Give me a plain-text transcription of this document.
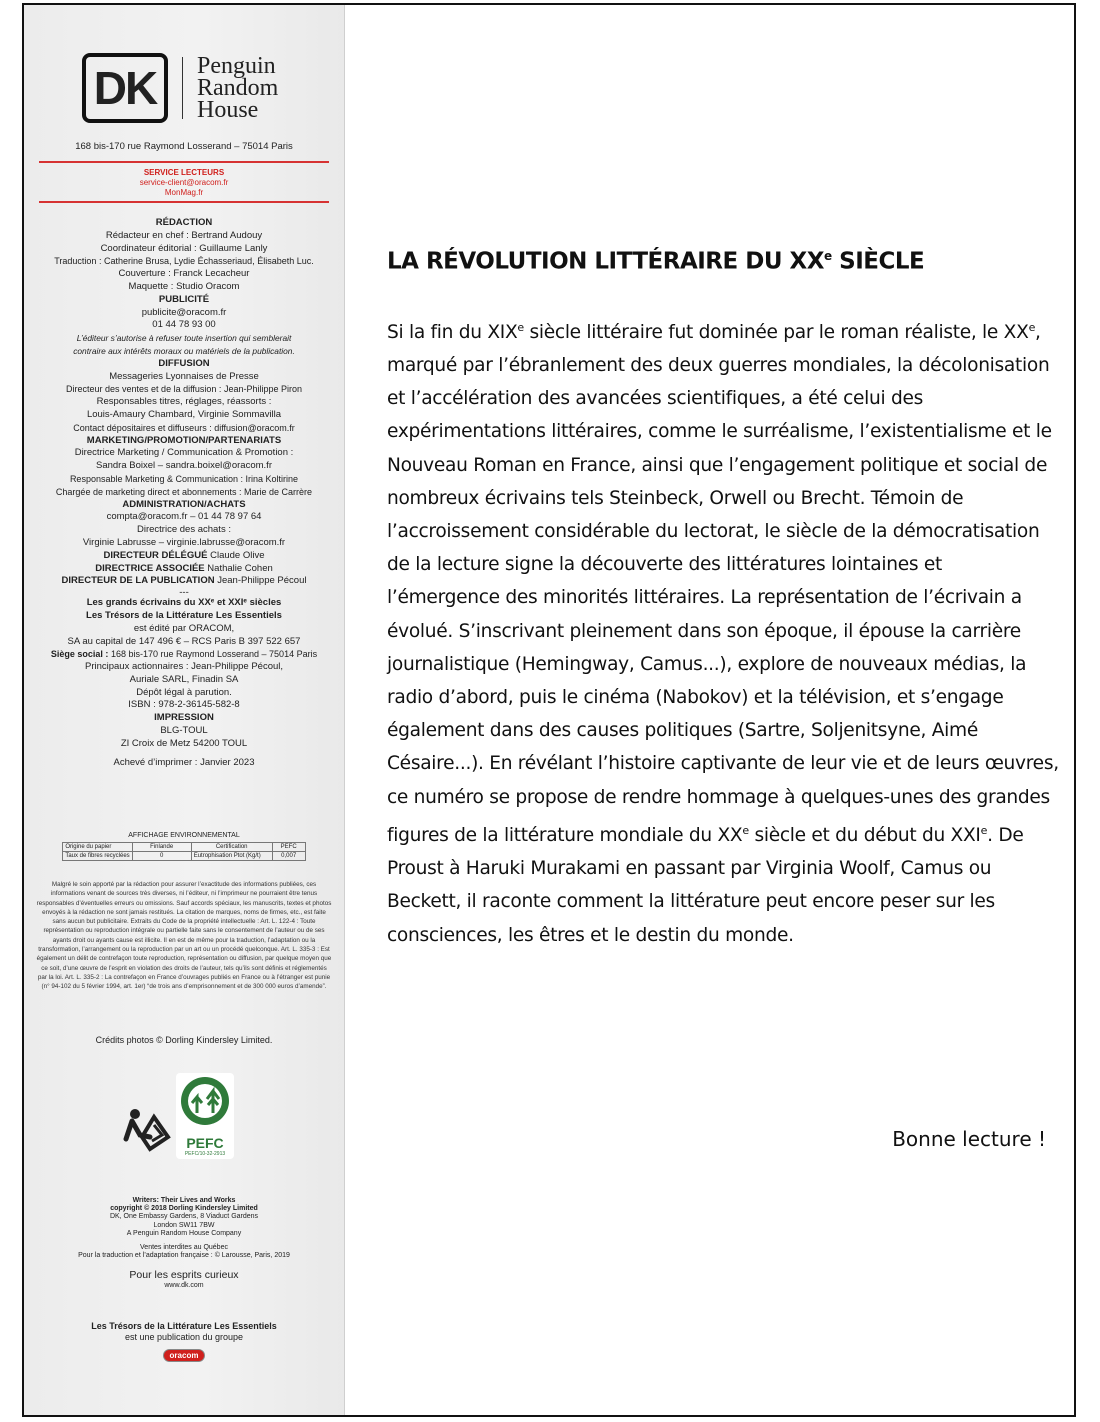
DK	Penguin
Random
House
168 bis-170 rue Raymond Losserand – 75014 Paris
SERVICE LECTEURS
service-client@oracom.fr
MonMag.fr
RÉDACTION
Rédacteur en chef : Bertrand Audouy
Coordinateur éditorial : Guillaume Lanly
Traduction : Catherine Brusa, Lydie Échasseriaud, Élisabeth Luc.
Couverture : Franck Lecacheur
Maquette : Studio Oracom
PUBLICITÉ
publicite@oracom.fr
01 44 78 93 00
L’éditeur s’autorise à refuser toute insertion qui semblerait
contraire aux intérêts moraux ou matériels de la publication.
DIFFUSION
Messageries Lyonnaises de Presse
Directeur des ventes et de la diffusion : Jean-Philippe Piron
Responsables titres, réglages, réassorts :
Louis-Amaury Chambard, Virginie Sommavilla
Contact dépositaires et diffuseurs : diffusion@oracom.fr
MARKETING/PROMOTION/PARTENARIATS
Directrice Marketing / Communication & Promotion :
Sandra Boixel – sandra.boixel@oracom.fr
Responsable Marketing & Communication : Irina Koltirine
Chargée de marketing direct et abonnements : Marie de Carrère
ADMINISTRATION/ACHATS
compta@oracom.fr – 01 44 78 97 64
Directrice des achats :
Virginie Labrusse – virginie.labrusse@oracom.fr
DIRECTEUR DÉLÉGUÉ Claude Olive
DIRECTRICE ASSOCIÉE Nathalie Cohen
DIRECTEUR DE LA PUBLICATION Jean-Philippe Pécoul
---
Les grands écrivains du XXᵉ et XXIᵉ siècles
Les Trésors de la Littérature Les Essentiels
est édité par ORACOM,
SA au capital de 147 496 € – RCS Paris B 397 522 657
Siège social : 168 bis-170 rue Raymond Losserand – 75014 Paris
Principaux actionnaires : Jean-Philippe Pécoul,
Auriale SARL, Finadin SA
Dépôt légal à parution.
ISBN : 978-2-36145-582-8
IMPRESSION
BLG-TOUL
ZI Croix de Metz 54200 TOUL
Achevé d’imprimer : Janvier 2023
AFFICHAGE ENVIRONNEMENTAL
Origine du papier	Finlande	Certification	PEFC
Taux de fibres recyclées	0	Eutrophisation Ptot (Kg/t)	0,007
Malgré le soin apporté par la rédaction pour assurer l’exactitude des informations publiées, ces informations venant de sources très diverses, ni l’éditeur, ni l’imprimeur ne pourraient être tenus responsables d’éventuelles erreurs ou omissions. Sauf accords spéciaux, les manuscrits, textes et photos envoyés à la rédaction ne sont jamais restitués. La citation de marques, noms de firmes, etc., est faite sans aucun but publicitaire. Extraits du Code de la propriété intellectuelle : Art. L. 122-4 : Toute représentation ou reproduction intégrale ou partielle faite sans le consentement de l’auteur ou de ses ayants droit ou ayants cause est illicite. Il en est de même pour la traduction, l’adaptation ou la transformation, l’arrangement ou la reproduction par un art ou un procédé quelconque. Art. L. 335-3 : Est également un délit de contrefaçon toute reproduction, représentation ou diffusion, par quelque moyen que ce soit, d’une œuvre de l’esprit en violation des droits de l’auteur, tels qu’ils sont définis et réglementés par la loi. Art. L. 335-2 : La contrefaçon en France d’ouvrages publiés en France ou à l’étranger est punie (n° 94-102 du 5 février 1994, art. 1er) “de trois ans d’emprisonnement et de 300 000 euros d’amende”.
Crédits photos © Dorling Kindersley Limited.
PEFC
PEFC/10-32-2913
Writers: Their Lives and Works
copyright © 2018 Dorling Kindersley Limited
DK, One Embassy Gardens, 8 Viaduct Gardens
London SW11 7BW
A Penguin Random House Company
Ventes interdites au Québec
Pour la traduction et l’adaptation française : © Larousse, Paris, 2019
Pour les esprits curieux
www.dk.com
Les Trésors de la Littérature Les Essentiels
est une publication du groupe
oracom
LA RÉVOLUTION LITTÉRAIRE DU XXe SIÈCLE
Si la fin du XIXe siècle littéraire fut dominée par le roman réaliste, le XXe, marqué par l’ébranlement des deux guerres mondiales, la décolonisation et l’accélération des avancées scientifiques, a été celui des expérimentations littéraires, comme le surréalisme, l’existentialisme et le Nouveau Roman en France, ainsi que l’engagement politique et social de nombreux écrivains tels Steinbeck, Orwell ou Brecht. Témoin de l’accroissement considérable du lectorat, le siècle de la démocratisation de la lecture signe la découverte des littératures lointaines et l’émergence des minorités littéraires. La représentation de l’écrivain a évolué. S’inscrivant pleinement dans son époque, il épouse la carrière journalistique (Hemingway, Camus...), explore de nouveaux médias, la radio d’abord, puis le cinéma (Nabokov) et la télévision, et s’engage également dans des causes politiques (Sartre, Soljenitsyne, Aimé Césaire...). En révélant l’histoire captivante de leur vie et de leurs œuvres, ce numéro se propose de rendre hommage à quelques-unes des grandes figures de la littérature mondiale du XXe siècle et du début du XXIe. De Proust à Haruki Murakami en passant par Virginia Woolf, Camus ou Beckett, il raconte comment la littérature peut encore peser sur les consciences, les êtres et le destin du monde.
Bonne lecture !
